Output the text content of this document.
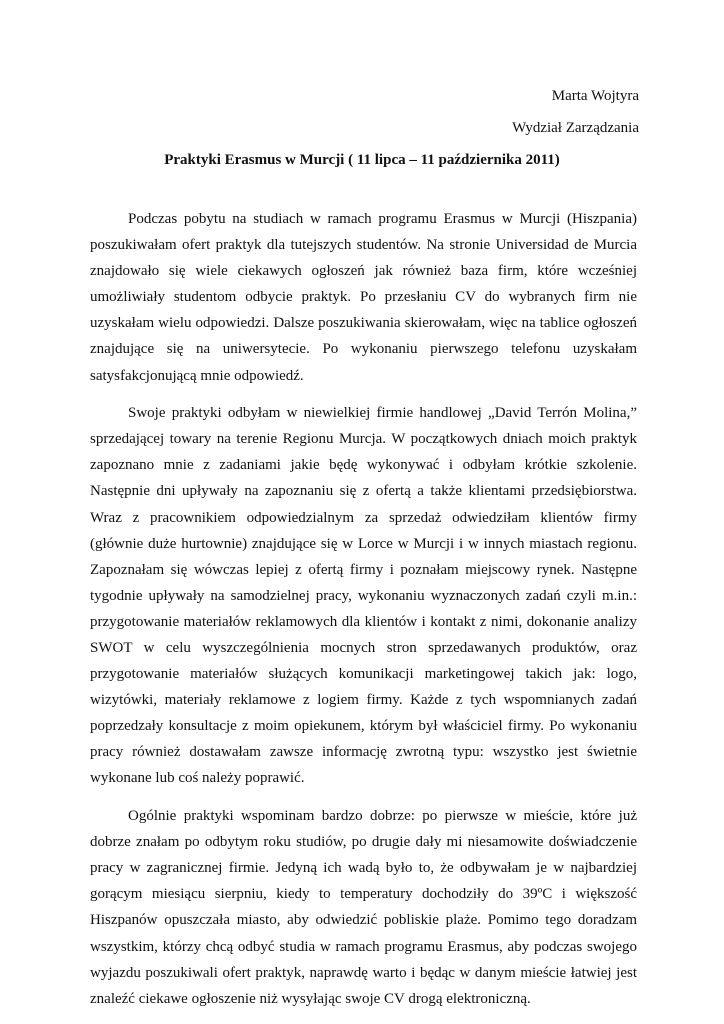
Marta Wojtyra
Wydział Zarządzania
Praktyki Erasmus w Murcji ( 11 lipca – 11 października 2011)

Podczas pobytu na studiach w ramach programu Erasmus w Murcji (Hiszpania) poszukiwałam ofert praktyk dla tutejszych studentów. Na stronie Universidad de Murcia znajdowało się wiele ciekawych ogłoszeń jak również baza firm, które wcześniej umożliwiały studentom odbycie praktyk. Po przesłaniu CV do wybranych firm nie uzyskałam wielu odpowiedzi. Dalsze poszukiwania skierowałam, więc na tablice ogłoszeń znajdujące się na uniwersytecie. Po wykonaniu pierwszego telefonu uzyskałam satysfakcjonującą mnie odpowiedź.

Swoje praktyki odbyłam w niewielkiej firmie handlowej „David Terrón Molina,” sprzedającej towary na terenie Regionu Murcja. W początkowych dniach moich praktyk zapoznano mnie z zadaniami jakie będę wykonywać i odbyłam krótkie szkolenie. Następnie dni upływały na zapoznaniu się z ofertą a także klientami przedsiębiorstwa. Wraz z pracownikiem odpowiedzialnym za sprzedaż odwiedziłam klientów firmy (głównie duże hurtownie) znajdujące się w Lorce w Murcji i w innych miastach regionu. Zapoznałam się wówczas lepiej z ofertą firmy i poznałam miejscowy rynek. Następne tygodnie upływały na samodzielnej pracy, wykonaniu wyznaczonych zadań czyli m.in.: przygotowanie materiałów reklamowych dla klientów i kontakt z nimi, dokonanie analizy SWOT w celu wyszczególnienia mocnych stron sprzedawanych produktów, oraz przygotowanie materiałów służących komunikacji marketingowej takich jak: logo, wizytówki, materiały reklamowe z logiem firmy. Każde z tych wspomnianych zadań poprzedzały konsultacje z moim opiekunem, którym był właściciel firmy. Po wykonaniu pracy również dostawałam zawsze informację zwrotną typu: wszystko jest świetnie wykonane lub coś należy poprawić.

Ogólnie praktyki wspominam bardzo dobrze: po pierwsze w mieście, które już dobrze znałam po odbytym roku studiów, po drugie dały mi niesamowite doświadczenie pracy w zagranicznej firmie. Jedyną ich wadą było to, że odbywałam je w najbardziej gorącym miesiącu sierpniu, kiedy to temperatury dochodziły do 39ºC i większość Hiszpanów opuszczała miasto, aby odwiedzić pobliskie plaże. Pomimo tego doradzam wszystkim, którzy chcą odbyć studia w ramach programu Erasmus, aby podczas swojego wyjazdu poszukiwali ofert praktyk, naprawdę warto i będąc w danym mieście łatwiej jest znaleźć ciekawe ogłoszenie niż wysyłając swoje CV drogą elektroniczną.
